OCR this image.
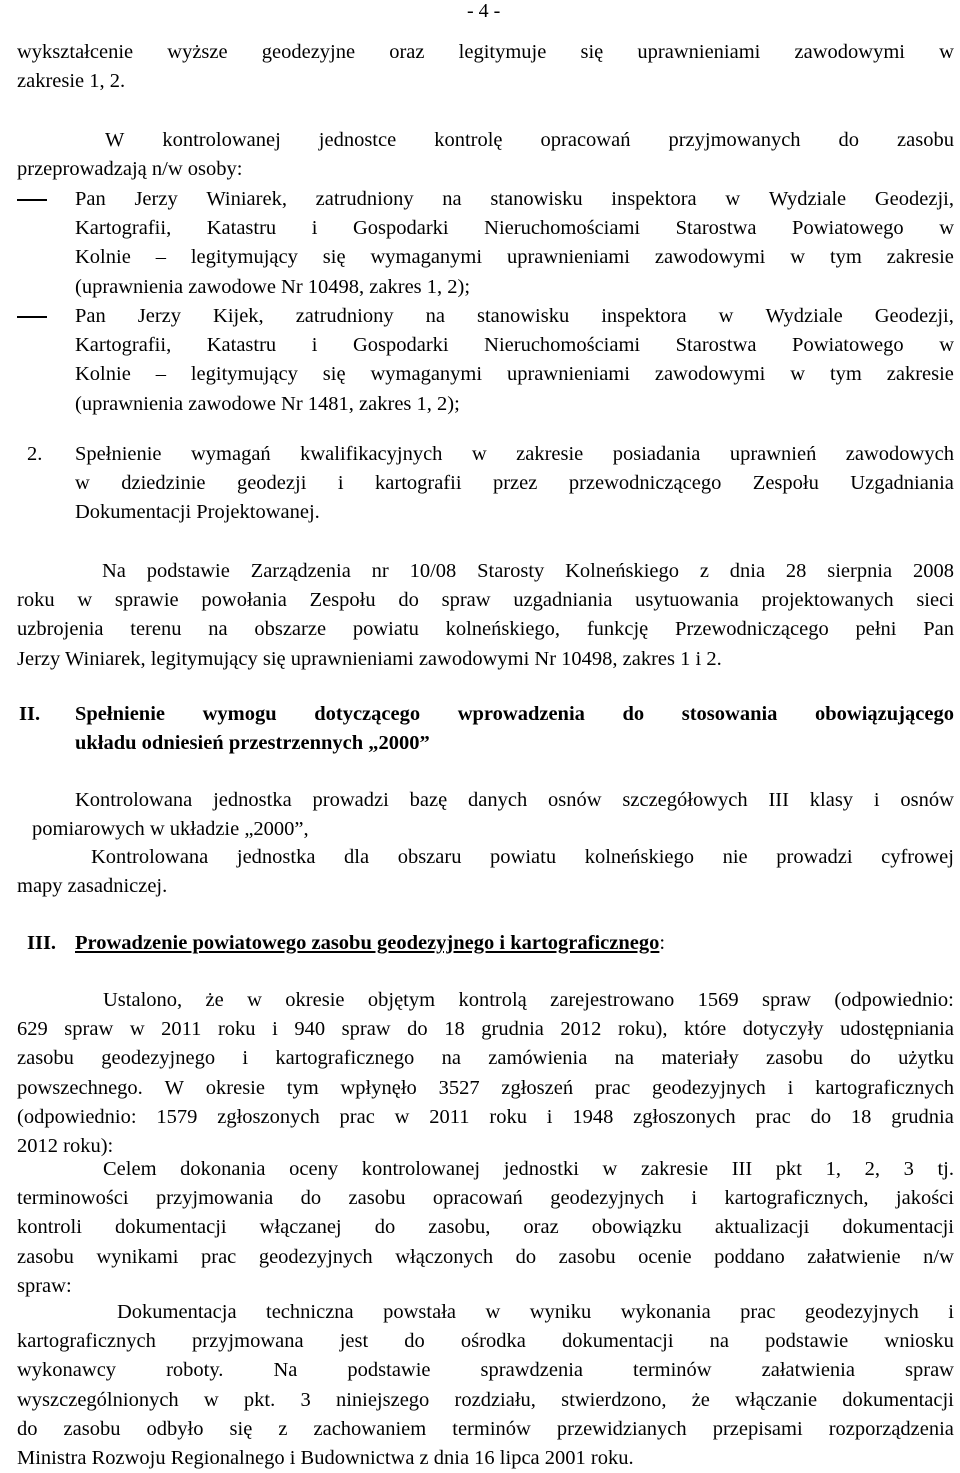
- 4 -
wykształcenie wyższe geodezyjne oraz legitymuje się uprawnieniami zawodowymi w
zakresie 1, 2.
W kontrolowanej jednostce kontrolę opracowań przyjmowanych do zasobu
przeprowadzają n/w osoby:
Pan Jerzy Winiarek, zatrudniony na stanowisku inspektora w Wydziale Geodezji,
Kartografii, Katastru i Gospodarki Nieruchomościami Starostwa Powiatowego w
Kolnie – legitymujący się wymaganymi uprawnieniami zawodowymi w tym zakresie
(uprawnienia zawodowe Nr 10498, zakres 1, 2);
Pan Jerzy Kijek, zatrudniony na stanowisku inspektora w Wydziale Geodezji,
Kartografii, Katastru i Gospodarki Nieruchomościami Starostwa Powiatowego w
Kolnie – legitymujący się wymaganymi uprawnieniami zawodowymi w tym zakresie
(uprawnienia zawodowe Nr 1481, zakres 1, 2);
2. Spełnienie wymagań kwalifikacyjnych w zakresie posiadania uprawnień zawodowych
w dziedzinie geodezji i kartografii przez przewodniczącego Zespołu Uzgadniania
Dokumentacji Projektowanej.
Na podstawie Zarządzenia nr 10/08 Starosty Kolneńskiego z dnia 28 sierpnia 2008
roku w sprawie powołania Zespołu do spraw uzgadniania usytuowania projektowanych sieci
uzbrojenia terenu na obszarze powiatu kolneńskiego, funkcję Przewodniczącego pełni Pan
Jerzy Winiarek, legitymujący się uprawnieniami zawodowymi Nr 10498, zakres 1 i 2.
II. Spełnienie wymogu dotyczącego wprowadzenia do stosowania obowiązującego
układu odniesień przestrzennych „2000”
Kontrolowana jednostka prowadzi bazę danych osnów szczegółowych III klasy i osnów
pomiarowych w układzie „2000”,
Kontrolowana jednostka dla obszaru powiatu kolneńskiego nie prowadzi cyfrowej
mapy zasadniczej.
III. Prowadzenie powiatowego zasobu geodezyjnego i kartograficznego:
Ustalono, że w okresie objętym kontrolą zarejestrowano 1569 spraw (odpowiednio:
629 spraw w 2011 roku i 940 spraw do 18 grudnia 2012 roku), które dotyczyły udostępniania
zasobu geodezyjnego i kartograficznego na zamówienia na materiały zasobu do użytku
powszechnego. W okresie tym wpłynęło 3527 zgłoszeń prac geodezyjnych i kartograficznych
(odpowiednio: 1579 zgłoszonych prac w 2011 roku i 1948 zgłoszonych prac do 18 grudnia
2012 roku):
Celem dokonania oceny kontrolowanej jednostki w zakresie III pkt 1, 2, 3 tj.
terminowości przyjmowania do zasobu opracowań geodezyjnych i kartograficznych, jakości
kontroli dokumentacji włączanej do zasobu, oraz obowiązku aktualizacji dokumentacji
zasobu wynikami prac geodezyjnych włączonych do zasobu ocenie poddano załatwienie n/w
spraw:
Dokumentacja techniczna powstała w wyniku wykonania prac geodezyjnych i
kartograficznych przyjmowana jest do ośrodka dokumentacji na podstawie wniosku
wykonawcy roboty. Na podstawie sprawdzenia terminów załatwienia spraw
wyszczególnionych w pkt. 3 niniejszego rozdziału, stwierdzono, że włączanie dokumentacji
do zasobu odbyło się z zachowaniem terminów przewidzianych przepisami rozporządzenia
Ministra Rozwoju Regionalnego i Budownictwa z dnia 16 lipca 2001 roku.
